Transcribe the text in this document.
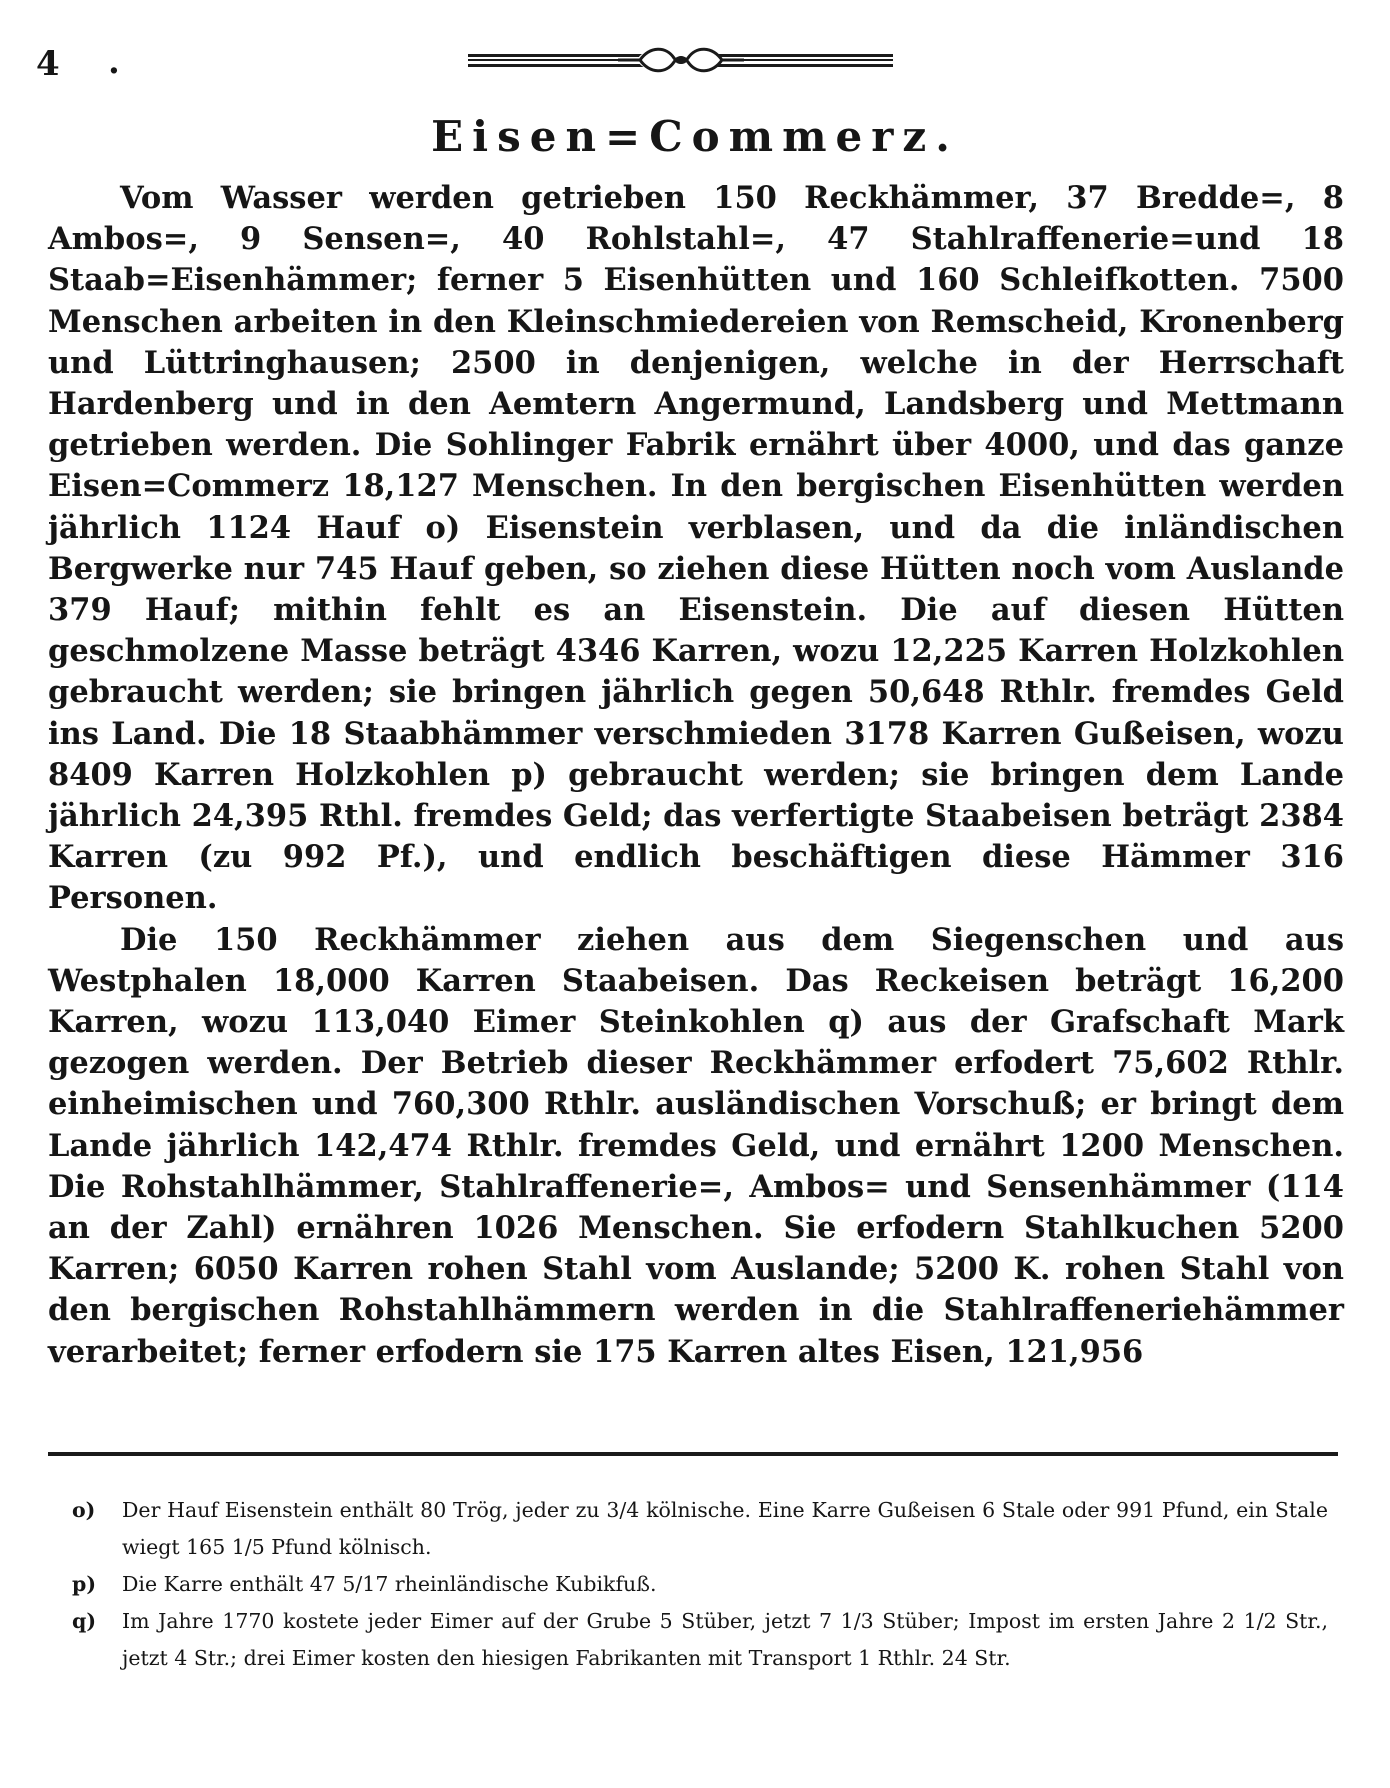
4 .
Eisen=Commerz.

Vom Wasser werden getrieben 150 Reckhämmer, 37 Bredde=, 8 Ambos=, 9 Sensen=, 40 Rohlstahl=, 47 Stahlraffenerie=und 18 Staab=Eisenhämmer; ferner 5 Eisenhütten und 160 Schleifkotten. 7500 Menschen arbeiten in den Kleinschmiedereien von Remscheid, Kronenberg und Lüttringhausen; 2500 in denjenigen, welche in der Herrschaft Hardenberg und in den Aemtern Angermund, Landsberg und Mettmann getrieben werden. Die Sohlinger Fabrik ernährt über 4000, und das ganze Eisen=Commerz 18,127 Menschen. In den bergischen Eisenhütten werden jährlich 1124 Hauf o) Eisenstein verblasen, und da die inländischen Bergwerke nur 745 Hauf geben, so ziehen diese Hütten noch vom Auslande 379 Hauf; mithin fehlt es an Eisenstein. Die auf diesen Hütten geschmolzene Masse beträgt 4346 Karren, wozu 12,225 Karren Holzkohlen gebraucht werden; sie bringen jährlich gegen 50,648 Rthlr. fremdes Geld ins Land. Die 18 Staabhämmer verschmieden 3178 Karren Gußeisen, wozu 8409 Karren Holzkohlen p) gebraucht werden; sie bringen dem Lande jährlich 24,395 Rthl. fremdes Geld; das verfertigte Staabeisen beträgt 2384 Karren (zu 992 Pf.), und endlich beschäftigen diese Hämmer 316 Personen.

Die 150 Reckhämmer ziehen aus dem Siegenschen und aus Westphalen 18,000 Karren Staabeisen. Das Reckeisen beträgt 16,200 Karren, wozu 113,040 Eimer Steinkohlen q) aus der Grafschaft Mark gezogen werden. Der Betrieb dieser Reckhämmer erfodert 75,602 Rthlr. einheimischen und 760,300 Rthlr. ausländischen Vorschuß; er bringt dem Lande jährlich 142,474 Rthlr. fremdes Geld, und ernährt 1200 Menschen. Die Rohstahlhämmer, Stahlraffenerie=, Ambos= und Sensenhämmer (114 an der Zahl) ernähren 1026 Menschen. Sie erfodern Stahlkuchen 5200 Karren; 6050 Karren rohen Stahl vom Auslande; 5200 K. rohen Stahl von den bergischen Rohstahlhämmern werden in die Stahlraffeneriehämmer verarbeitet; ferner erfodern sie 175 Karren altes Eisen, 121,956

o) Der Hauf Eisenstein enthält 80 Trög, jeder zu 3/4 kölnische. Eine Karre Gußeisen 6 Stale oder 991 Pfund, ein Stale wiegt 165 1/5 Pfund kölnisch.
p) Die Karre enthält 47 5/17 rheinländische Kubikfuß.
q) Im Jahre 1770 kostete jeder Eimer auf der Grube 5 Stüber, jetzt 7 1/3 Stüber; Impost im ersten Jahre 2 1/2 Str., jetzt 4 Str.; drei Eimer kosten den hiesigen Fabrikanten mit Transport 1 Rthlr. 24 Str.
